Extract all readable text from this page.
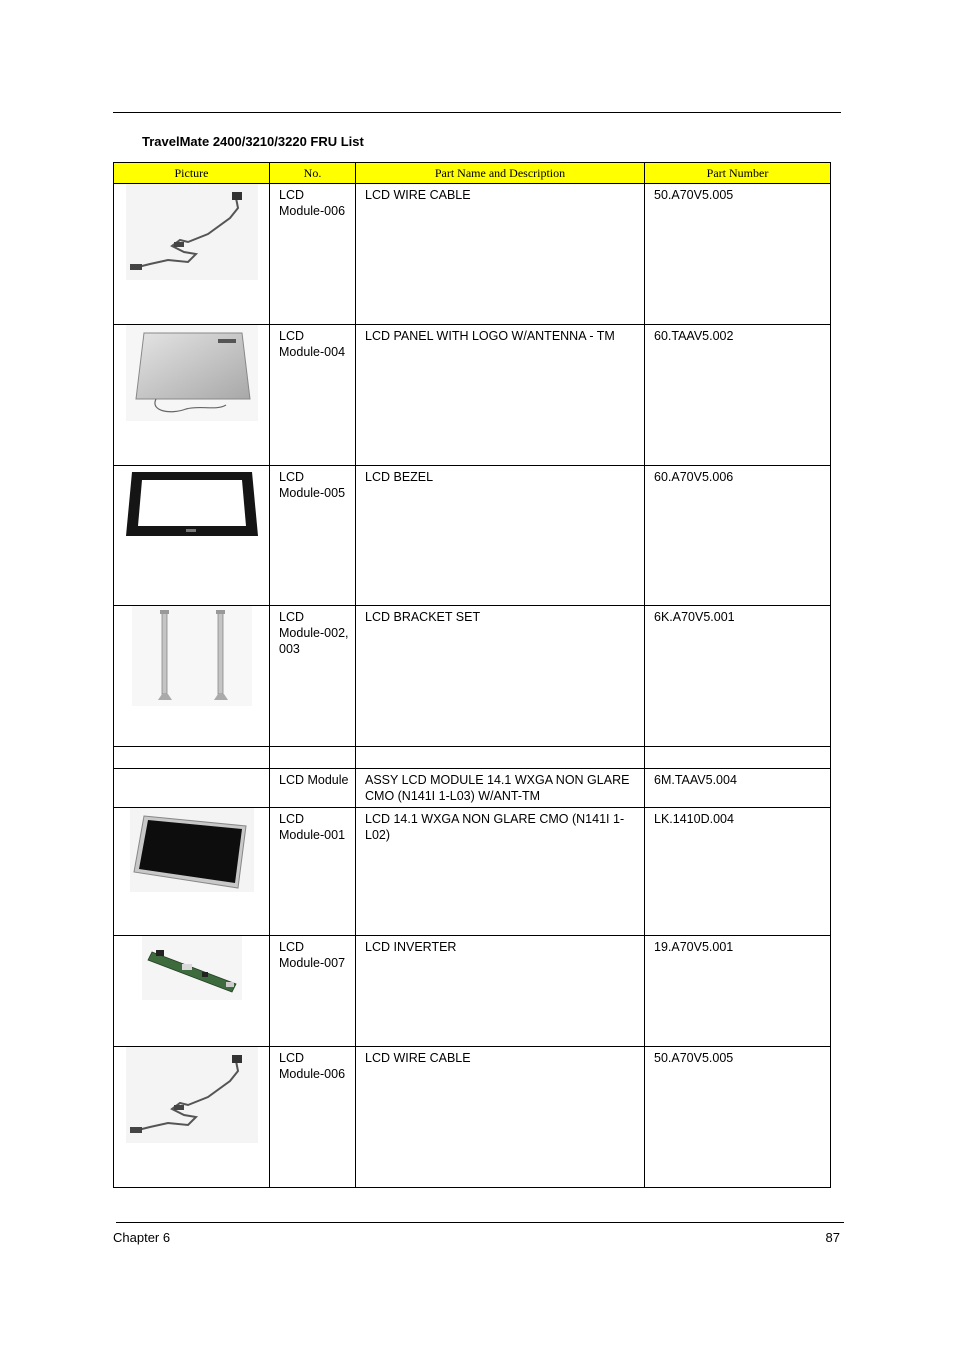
TravelMate 2400/3210/3220 FRU List
Picture	No.	Part Name and Description	Part Number

LCD Module-006	LCD WIRE CABLE	50.A70V5.005

LCD Module-004	LCD PANEL WITH LOGO W/ANTENNA - TM	60.TAAV5.002

LCD Module-005	LCD BEZEL	60.A70V5.006

LCD Module-002, 003	LCD BRACKET SET	6K.A70V5.001

	LCD Module	ASSY LCD MODULE 14.1 WXGA NON GLARE CMO (N141I 1-L03) W/ANT-TM	6M.TAAV5.004

LCD Module-001	LCD 14.1 WXGA NON GLARE CMO (N141I 1-L02)	LK.1410D.004

LCD Module-007	LCD INVERTER	19.A70V5.001

LCD Module-006	LCD WIRE CABLE	50.A70V5.005
Chapter 6	87
